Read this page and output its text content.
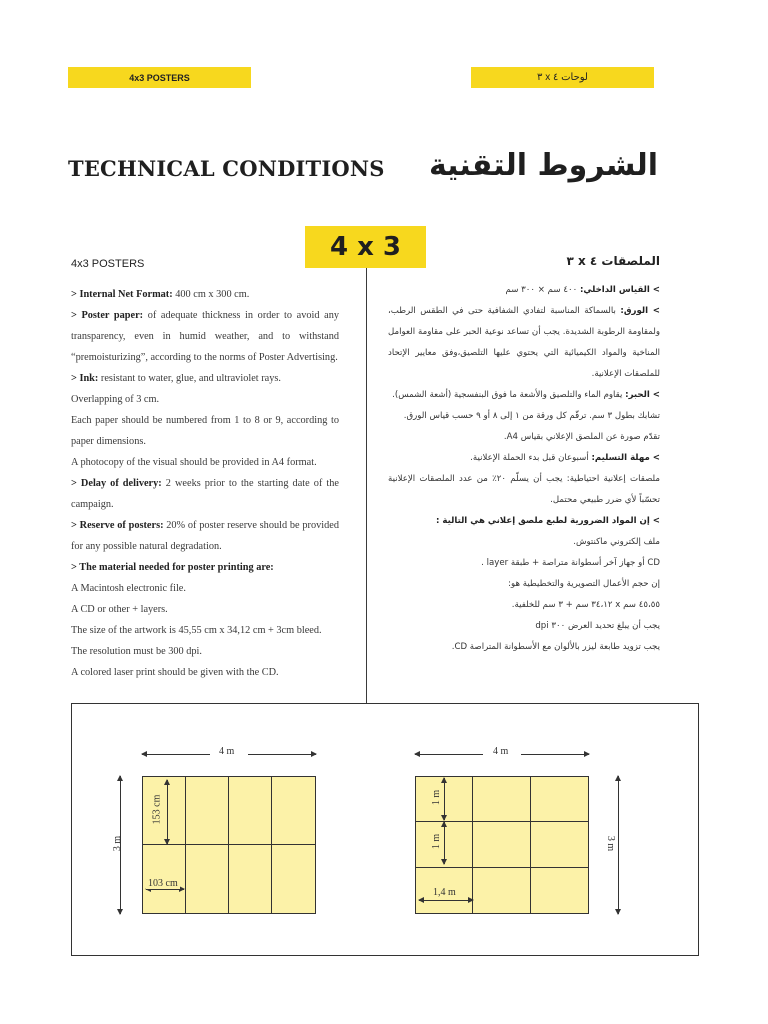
4x3 POSTERS	لوحات ٤ x ٣
TECHNICAL CONDITIONS الشروط التقنية
4 x 3
4x3 POSTERS

> Internal Net Format: 400 cm x 300 cm.

> Poster paper: of adequate thickness in order to avoid any transparency, even in humid weather, and to withstand “premoisturizing”, according to the norms of Poster Advertising.

> Ink: resistant to water, glue, and ultraviolet rays.

Overlapping of 3 cm.

Each paper should be numbered from 1 to 8 or 9, according to paper dimensions.

A photocopy of the visual should be provided in A4 format.

> Delay of delivery: 2 weeks prior to the starting date of the campaign.

> Reserve of posters: 20% of poster reserve should be provided for any possible natural degradation.

> The material needed for poster printing are:

A Macintosh electronic file.

A CD or other + layers.

The size of the artwork is 45,55 cm x 34,12 cm + 3cm bleed.

The resolution must be 300 dpi.

A colored laser print should be given with the CD.

الملصقات ٤ x ٣

> القياس الداخلي: ٤٠٠ سم × ٣٠٠ سم

> الورق: بالسماكة المناسبة لتفادي الشفافية حتى في الطقس الرطب، ولمقاومة الرطوبة الشديدة. يجب أن تساعد نوعية الحبر على مقاومة العوامل المناخية والمواد الكيميائية التي يحتوي عليها التلصيق،وفق معايير الإتحاد للملصقات الإعلانية.

> الحبر: يقاوم الماء والتلصيق والأشعة ما فوق البنفسجية (أشعة الشمس).

تشابك بطول ٣ سم. ترقّم كل ورقة من ١ إلى ٨ أو ٩ حسب قياس الورق.

تقدّم صورة عن الملصق الإعلاني بقياس A4.

> مهلة التسليم: أسبوعان قبل بدء الحملة الإعلانية.

ملصقات إعلانية احتياطية: يجب أن يسلّم ٢٠٪ من عدد الملصقات الإعلانية تحسّباً لأي ضرر طبيعي محتمل.

> إن المواد الضرورية لطبع ملصق إعلاني هي التالية :

ملف إلكتروني ماكنتوش.

CD أو جهاز آخر أسطوانة متراصة + طبقة layer .

إن حجم الأعمال التصويرية والتخطيطية هو:

٤٥،٥٥ سم x ٣٤،١٢ سم + ٣ سم للخلفية.

يجب أن يبلغ تحديد العرض ٣٠٠ dpi

يجب تزويد طابعة ليزر بالألوان مع الأسطوانة المتراصة CD.

4 m
3 m
153 cm
103 cm
4 m
3 m
1 m
1 m
1,4 m
